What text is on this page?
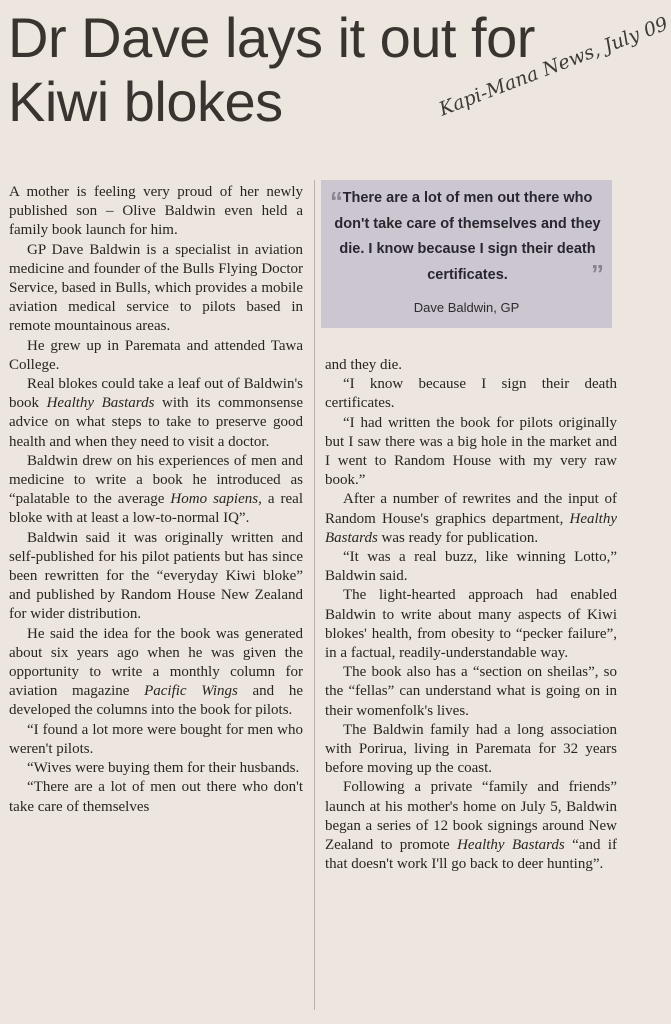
Dr Dave lays it out for Kiwi blokes	Kapi-Mana News, July 09

A mother is feeling very proud of her newly published son – Olive Baldwin even held a family book launch for him.

GP Dave Baldwin is a specialist in aviation medicine and founder of the Bulls Flying Doctor Service, based in Bulls, which provides a mobile aviation medical service to pilots based in remote mountainous areas.

He grew up in Paremata and attended Tawa College.

Real blokes could take a leaf out of Baldwin's book Healthy Bastards with its commonsense advice on what steps to take to preserve good health and when they need to visit a doctor.

Baldwin drew on his experiences of men and medicine to write a book he introduced as “palatable to the average Homo sapiens, a real bloke with at least a low-to-normal IQ”.

Baldwin said it was originally written and self-published for his pilot patients but has since been rewritten for the “everyday Kiwi bloke” and published by Random House New Zealand for wider distribution.

He said the idea for the book was generated about six years ago when he was given the opportunity to write a monthly column for aviation magazine Pacific Wings and he developed the columns into the book for pilots.

“I found a lot more were bought for men who weren't pilots.

“Wives were buying them for their husbands.

“There are a lot of men out there who don't take care of themselves

“ There are a lot of men out there who don't take care of themselves and they die. I know because I sign their death certificates.	”
Dave Baldwin, GP

and they die.

“I know because I sign their death certificates.

“I had written the book for pilots originally but I saw there was a big hole in the market and I went to Random House with my very raw book.”

After a number of rewrites and the input of Random House's graphics department, Healthy Bastards was ready for publication.

“It was a real buzz, like winning Lotto,” Baldwin said.

The light-hearted approach had enabled Baldwin to write about many aspects of Kiwi blokes' health, from obesity to “pecker failure”, in a factual, readily-understandable way.

The book also has a “section on sheilas”, so the “fellas” can understand what is going on in their womenfolk's lives.

The Baldwin family had a long association with Porirua, living in Paremata for 32 years before moving up the coast.

Following a private “family and friends” launch at his mother's home on July 5, Baldwin began a series of 12 book signings around New Zealand to promote Healthy Bastards “and if that doesn't work I'll go back to deer hunting”.
